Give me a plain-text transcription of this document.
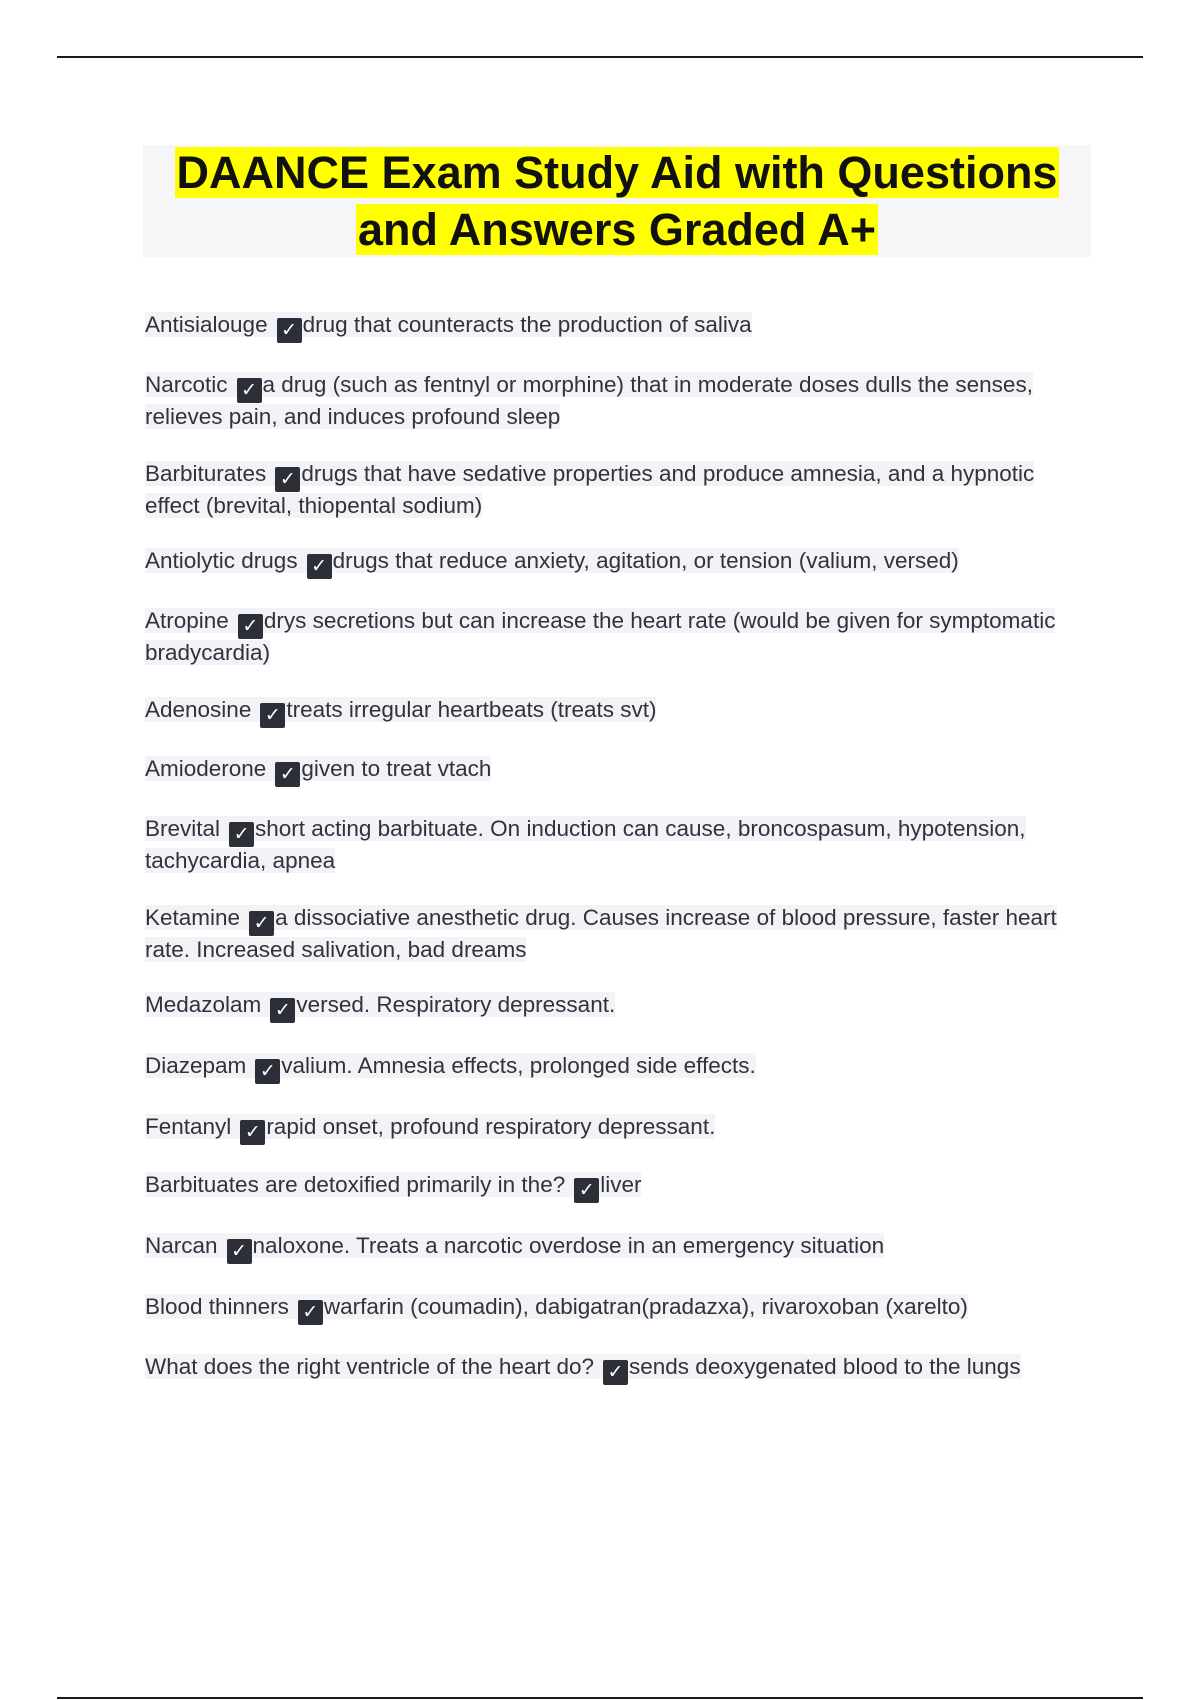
DAANCE Exam Study Aid with Questions and Answers Graded A+
Antisialouge ✓ drug that counteracts the production of saliva
Narcotic ✓ a drug (such as fentnyl or morphine) that in moderate doses dulls the senses, relieves pain, and induces profound sleep
Barbiturates ✓ drugs that have sedative properties and produce amnesia, and a hypnotic effect (brevital, thiopental sodium)
Antiolytic drugs ✓ drugs that reduce anxiety, agitation, or tension (valium, versed)
Atropine ✓ drys secretions but can increase the heart rate (would be given for symptomatic bradycardia)
Adenosine ✓ treats irregular heartbeats (treats svt)
Amioderone ✓ given to treat vtach
Brevital ✓ short acting barbituate. On induction can cause, broncospasum, hypotension, tachycardia, apnea
Ketamine ✓ a dissociative anesthetic drug. Causes increase of blood pressure, faster heart rate. Increased salivation, bad dreams
Medazolam ✓ versed. Respiratory depressant.
Diazepam ✓ valium. Amnesia effects, prolonged side effects.
Fentanyl ✓ rapid onset, profound respiratory depressant.
Barbituates are detoxified primarily in the? ✓ liver
Narcan ✓ naloxone. Treats a narcotic overdose in an emergency situation
Blood thinners ✓ warfarin (coumadin), dabigatran(pradazxa), rivaroxoban (xarelto)
What does the right ventricle of the heart do? ✓ sends deoxygenated blood to the lungs
